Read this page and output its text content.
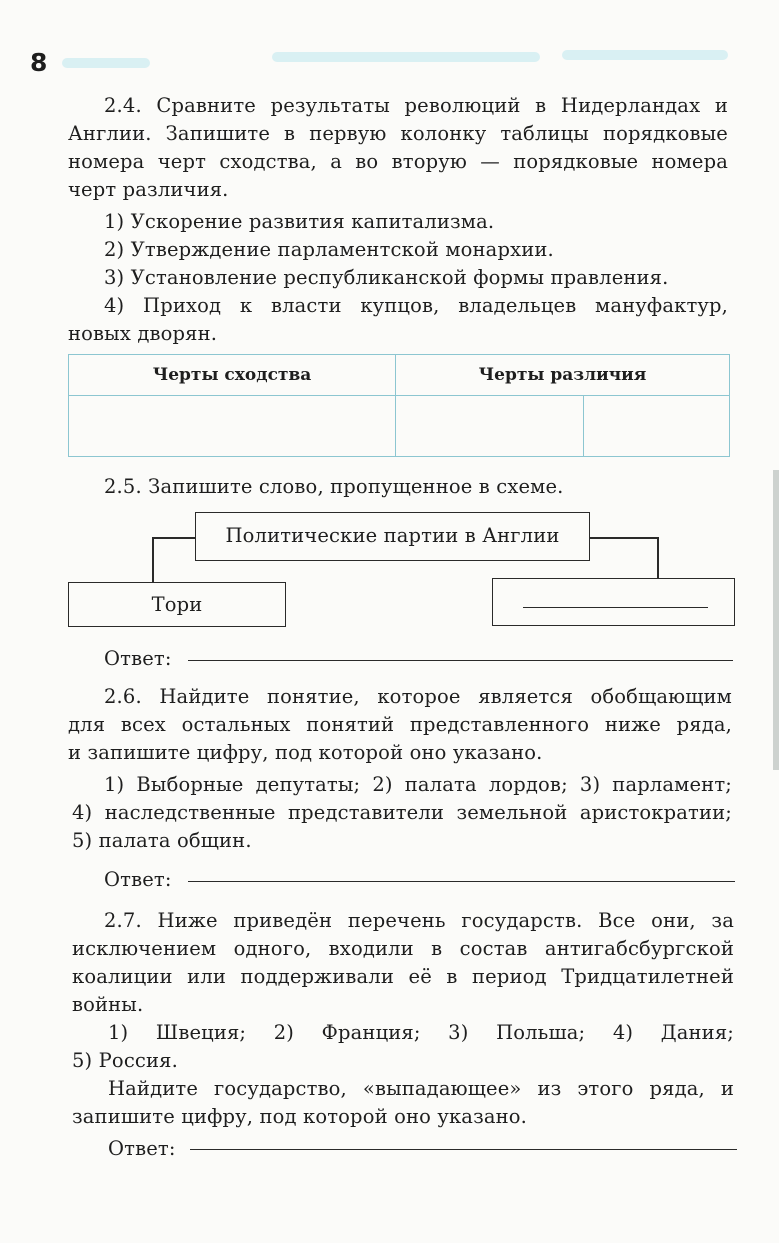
8
2.4. Сравните результаты революций в Нидерландах и
Англии. Запишите в первую колонку таблицы порядковые
номера черт сходства, а во вторую — порядковые номера
черт различия.
1) Ускорение развития капитализма.
2) Утверждение парламентской монархии.
3) Установление республиканской формы правления.
4) Приход к власти купцов, владельцев мануфактур,
новых дворян.
Черты сходства	Черты различия	

2.5. Запишите слово, пропущенное в схеме.
Политические партии в Англии
Тори
Ответ:
2.6. Найдите понятие, которое является обобщающим
для всех остальных понятий представленного ниже ряда,
и запишите цифру, под которой оно указано.
1) Выборные депутаты; 2) палата лордов; 3) парламент;
4) наследственные представители земельной аристократии;
5) палата общин.
Ответ:
2.7. Ниже приведён перечень государств. Все они, за
исключением одного, входили в состав антигабсбургской
коалиции или поддерживали её в период Тридцатилетней
войны.
1) Швеция; 2) Франция; 3) Польша; 4) Дания;
5) Россия.
Найдите государство, «выпадающее» из этого ряда, и
запишите цифру, под которой оно указано.
Ответ:
